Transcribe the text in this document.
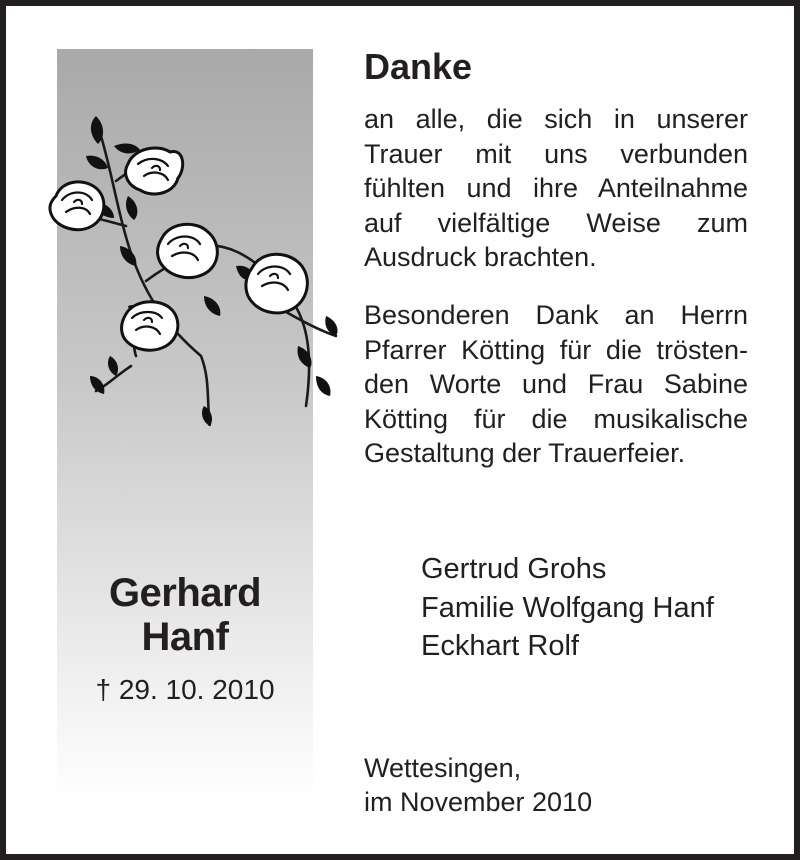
Gerhard
Hanf
† 29. 10. 2010
Danke
an alle, die sich in unserer
Trauer mit uns verbunden
fühlten und ihre Anteilnahme
auf vielfältige Weise zum
Ausdruck brachten.
Besonderen Dank an Herrn
Pfarrer Kötting für die trösten-
den Worte und Frau Sabine
Kötting für die musikalische
Gestaltung der Trauerfeier.
Gertrud Grohs
Familie Wolfgang Hanf
Eckhart Rolf
Wettesingen,
im November 2010
